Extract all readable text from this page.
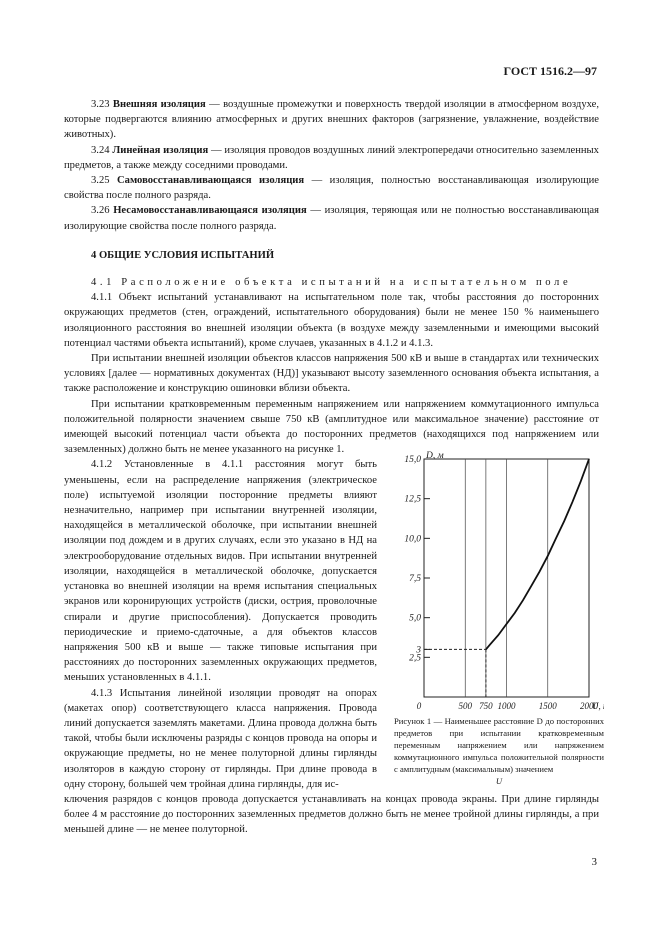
ГОСТ 1516.2—97

3.23 Внешняя изоляция — воздушные промежутки и поверхность твердой изоляции в атмосферном воздухе, которые подвергаются влиянию атмосферных и других внешних факторов (загрязнение, увлажнение, воздействие животных).

3.24 Линейная изоляция — изоляция проводов воздушных линий электропередачи относительно заземленных предметов, а также между соседними проводами.

3.25 Самовосстанавливающаяся изоляция — изоляция, полностью восстанавливающая изолирующие свойства после полного разряда.

3.26 Несамовосстанавливающаяся изоляция — изоляция, теряющая или не полностью восстанавливающая изолирующие свойства после полного разряда.

4 ОБЩИЕ УСЛОВИЯ ИСПЫТАНИЙ

4.1 Расположение объекта испытаний на испытательном поле

4.1.1 Объект испытаний устанавливают на испытательном поле так, чтобы расстояния до посторонних окружающих предметов (стен, ограждений, испытательного оборудования) были не менее 150 % наименьшего изоляционного расстояния во внешней изоляции объекта (в воздухе между заземленными и имеющими высокий потенциал частями объекта испытаний), кроме случаев, указанных в 4.1.2 и 4.1.3.

При испытании внешней изоляции объектов классов напряжения 500 кВ и выше в стандартах или технических условиях [далее — нормативных документах (НД)] указывают высоту заземленного основания объекта испытания, а также расположение и конструкцию ошиновки вблизи объекта.

При испытании кратковременным переменным напряжением или напряжением коммутационного импульса положительной полярности значением свыше 750 кВ (амплитудное или максимальное значение) расстояние от имеющей высокий потенциал части объекта до посторонних предметов (находящихся под напряжением или заземленных) должно быть не менее указанного на рисунке 1.

4.1.2 Установленные в 4.1.1 расстояния могут быть уменьшены, если на распределение напряжения (электрическое поле) испытуемой изоляции посторонние предметы влияют незначительно, например при испытании внутренней изоляции, находящейся в металлической оболочке, при испытании внешней изоляции под дождем и в других случаях, если это указано в НД на электрооборудование отдельных видов. При испытании внутренней изоляции, находящейся в металлической оболочке, допускается установка во внешней изоляции на время испытания специальных экранов или коронирующих устройств (диски, острия, проволочные спирали и другие приспособления). Допускается проводить периодические и приемо-сдаточные, а для объектов классов напряжения 500 кВ и выше — также типовые испытания при расстояниях до посторонних заземленных окружающих предметов, меньших установленных в 4.1.1.

4.1.3 Испытания линейной изоляции проводят на опорах (макетах опор) соответствующего класса напряжения. Провода линий допускается заземлять макетами. Длина провода должна быть такой, чтобы были исключены разряды с концов провода на опоры и окружающие предметы, но не менее полуторной длины гирлянды изоляторов в каждую сторону от гирлянды. При длине провода в одну сторону, большей чем тройная длина гирлянды, для ис-

ключения разрядов с концов провода допускается устанавливать на концах провода экраны. При длине гирлянды более 4 м расстояние до посторонних заземленных предметов должно быть не менее тройной длины гирлянды, а при меньшей длине — не менее полуторной.

2,5
3
5,0
7,5
10,0
12,5
15,0
0	500 750 1000	1500	2000
D, м
U,
Рисунок 1 — Наименьшее расстояние D до посторонних предметов при испытании кратковременным переменным напряжением или напряжением коммутационного импульса положительной полярности с амплитудным (максимальным) значением
U
3
